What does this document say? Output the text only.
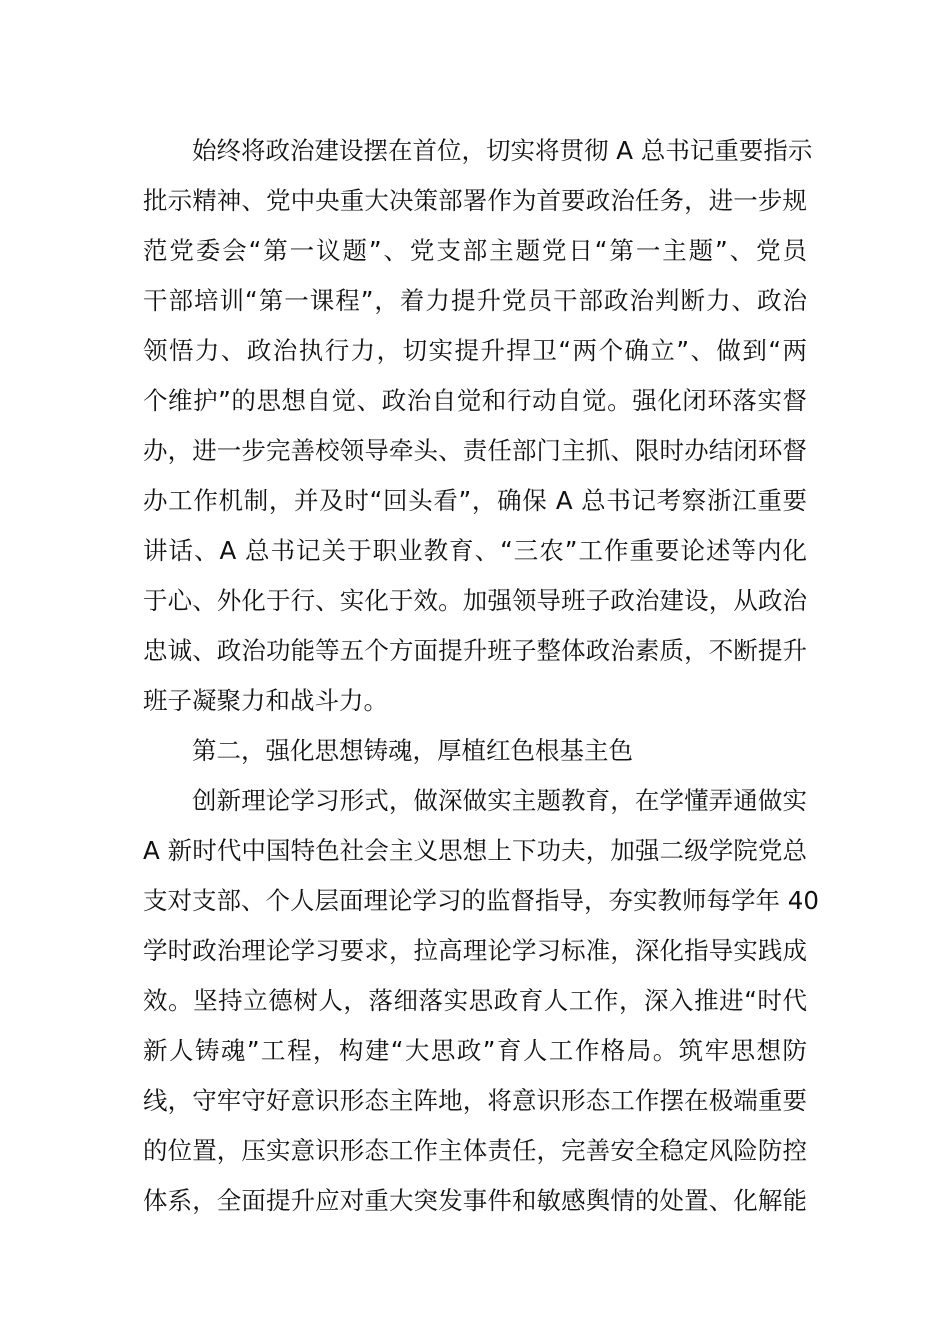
始终将政治建设摆在首位，切实将贯彻 A 总书记重要指示
批示精神、党中央重大决策部署作为首要政治任务，进一步规
范党委会“第一议题”、党支部主题党日“第一主题”、党员
干部培训“第一课程”，着力提升党员干部政治判断力、政治
领悟力、政治执行力，切实提升捍卫“两个确立”、做到“两
个维护”的思想自觉、政治自觉和行动自觉。强化闭环落实督
办，进一步完善校领导牵头、责任部门主抓、限时办结闭环督
办工作机制，并及时“回头看”，确保 A 总书记考察浙江重要
讲话、A 总书记关于职业教育、“三农”工作重要论述等内化
于心、外化于行、实化于效。加强领导班子政治建设，从政治
忠诚、政治功能等五个方面提升班子整体政治素质，不断提升
班子凝聚力和战斗力。
第二，强化思想铸魂，厚植红色根基主色
创新理论学习形式，做深做实主题教育，在学懂弄通做实
A 新时代中国特色社会主义思想上下功夫，加强二级学院党总
支对支部、个人层面理论学习的监督指导，夯实教师每学年 40
学时政治理论学习要求，拉高理论学习标准，深化指导实践成
效。坚持立德树人，落细落实思政育人工作，深入推进“时代
新人铸魂”工程，构建“大思政”育人工作格局。筑牢思想防
线，守牢守好意识形态主阵地，将意识形态工作摆在极端重要
的位置，压实意识形态工作主体责任，完善安全稳定风险防控
体系，全面提升应对重大突发事件和敏感舆情的处置、化解能
